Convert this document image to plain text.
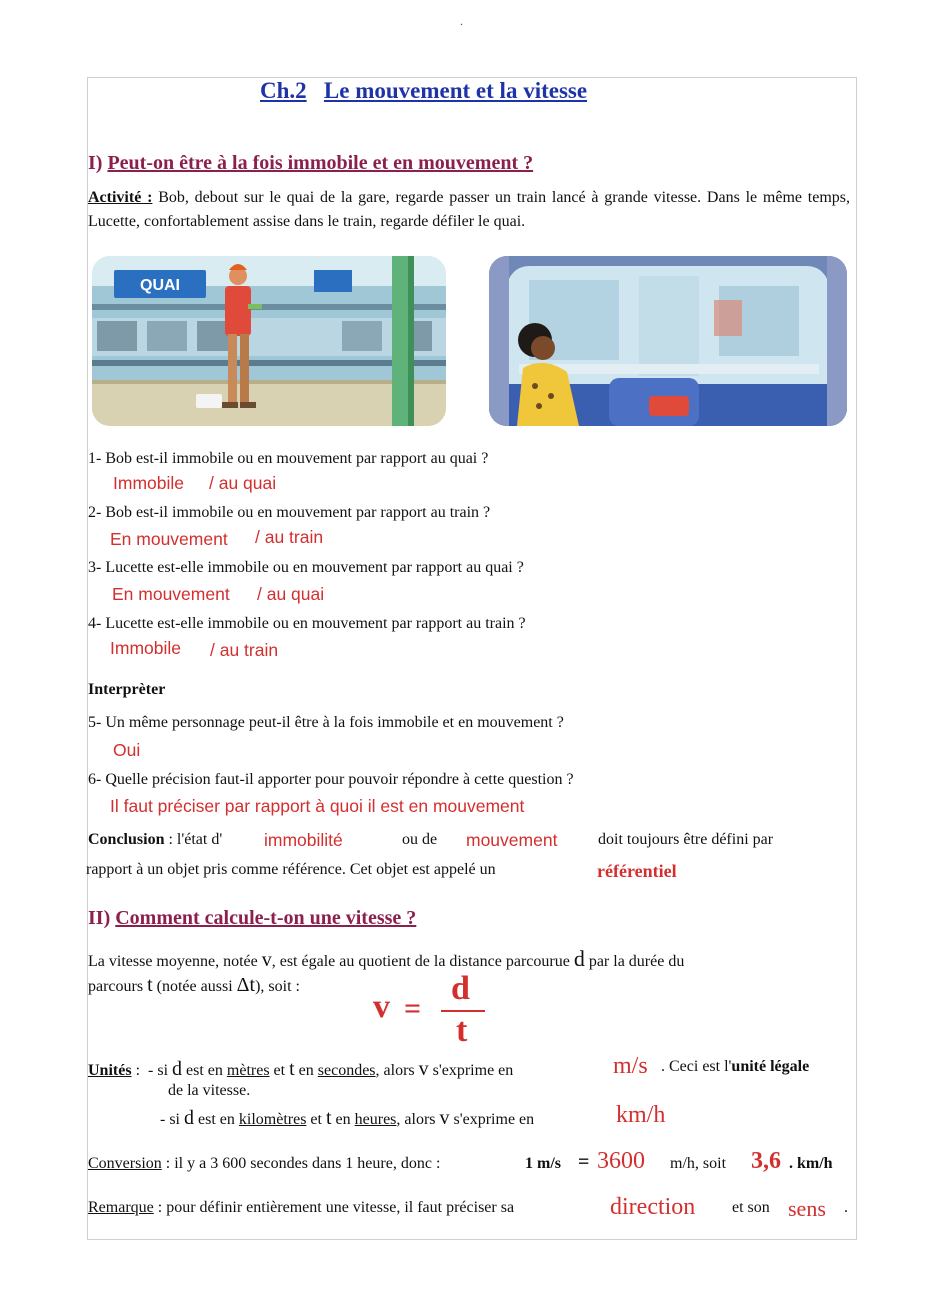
.
Ch.2 Le mouvement et la vitesse
I) Peut-on être à la fois immobile et en mouvement ?
Activité : Bob, debout sur le quai de la gare, regarde passer un train lancé à grande vitesse. Dans le même temps, Lucette, confortablement assise dans le train, regarde défiler le quai.
QUAI
1- Bob est-il immobile ou en mouvement par rapport au quai ?
Immobile / au quai
2- Bob est-il immobile ou en mouvement par rapport au train ?
En mouvement / au train
3- Lucette est-elle immobile ou en mouvement par rapport au quai ?
En mouvement / au quai
4- Lucette est-elle immobile ou en mouvement par rapport au train ?
Immobile / au train
Interprèter
5- Un même personnage peut-il être à la fois immobile et en mouvement ?
Oui
6- Quelle précision faut-il apporter pour pouvoir répondre à cette question ?
Il faut préciser par rapport à quoi il est en mouvement
Conclusion : l'état d' immobilité	ou de mouvement	doit toujours être défini par
rapport à un objet pris comme référence. Cet objet est appelé un	référentiel
II) Comment calcule-t-on une vitesse ?
La vitesse moyenne, notée v, est égale au quotient de la distance parcourue d par la durée du
parcours t (notée aussi Δt), soit :
v =
d
t
Unités : - si d est en mètres et t en secondes, alors v s'exprime en	m/s . Ceci est l'unité légale
de la vitesse.
- si d est en kilomètres et t en heures, alors v s'exprime en	km/h
Conversion : il y a 3 600 secondes dans 1 heure, donc :	1 m/s = 3600 m/h, soit 3,6 . km/h
Remarque : pour définir entièrement une vitesse, il faut préciser sa	direction et son sens .
